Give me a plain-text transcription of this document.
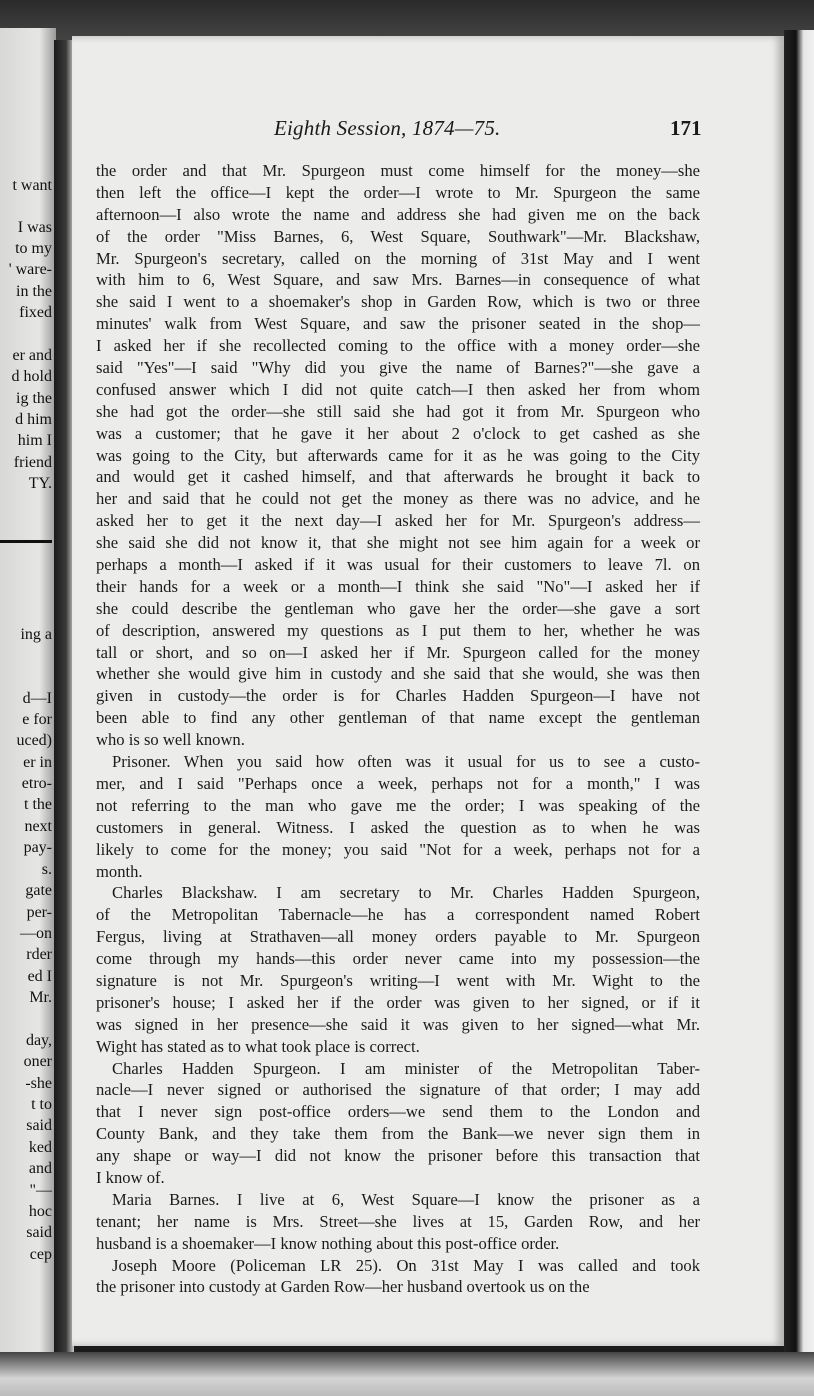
t want
I was
to my
' ware-
in the
fixed
er and
d hold
ig the
d him
him I
friend
TY.
ing a
d—I
e for
uced)
er in
etro-
t the
next
pay-
s.
gate
per-
—on
rder
ed I
Mr.
day,
oner
-she
t to
said
ked
and
"—
hoc
said
cep
Eighth Session, 1874—75.	171
the order and that Mr. Spurgeon must come himself for the money—she
then left the office—I kept the order—I wrote to Mr. Spurgeon the same
afternoon—I also wrote the name and address she had given me on the back
of the order "Miss Barnes, 6, West Square, Southwark"—Mr. Blackshaw,
Mr. Spurgeon's secretary, called on the morning of 31st May and I went
with him to 6, West Square, and saw Mrs. Barnes—in consequence of what
she said I went to a shoemaker's shop in Garden Row, which is two or three
minutes' walk from West Square, and saw the prisoner seated in the shop—
I asked her if she recollected coming to the office with a money order—she
said "Yes"—I said "Why did you give the name of Barnes?"—she gave a
confused answer which I did not quite catch—I then asked her from whom
she had got the order—she still said she had got it from Mr. Spurgeon who
was a customer; that he gave it her about 2 o'clock to get cashed as she
was going to the City, but afterwards came for it as he was going to the City
and would get it cashed himself, and that afterwards he brought it back to
her and said that he could not get the money as there was no advice, and he
asked her to get it the next day—I asked her for Mr. Spurgeon's address—
she said she did not know it, that she might not see him again for a week or
perhaps a month—I asked if it was usual for their customers to leave 7l. on
their hands for a week or a month—I think she said "No"—I asked her if
she could describe the gentleman who gave her the order—she gave a sort
of description, answered my questions as I put them to her, whether he was
tall or short, and so on—I asked her if Mr. Spurgeon called for the money
whether she would give him in custody and she said that she would, she was then
given in custody—the order is for Charles Hadden Spurgeon—I have not
been able to find any other gentleman of that name except the gentleman
who is so well known.
Prisoner. When you said how often was it usual for us to see a custo-
mer, and I said "Perhaps once a week, perhaps not for a month," I was
not referring to the man who gave me the order; I was speaking of the
customers in general. Witness. I asked the question as to when he was
likely to come for the money; you said "Not for a week, perhaps not for a
month.
Charles Blackshaw. I am secretary to Mr. Charles Hadden Spurgeon,
of the Metropolitan Tabernacle—he has a correspondent named Robert
Fergus, living at Strathaven—all money orders payable to Mr. Spurgeon
come through my hands—this order never came into my possession—the
signature is not Mr. Spurgeon's writing—I went with Mr. Wight to the
prisoner's house; I asked her if the order was given to her signed, or if it
was signed in her presence—she said it was given to her signed—what Mr.
Wight has stated as to what took place is correct.
Charles Hadden Spurgeon. I am minister of the Metropolitan Taber-
nacle—I never signed or authorised the signature of that order; I may add
that I never sign post-office orders—we send them to the London and
County Bank, and they take them from the Bank—we never sign them in
any shape or way—I did not know the prisoner before this transaction that
I know of.
Maria Barnes. I live at 6, West Square—I know the prisoner as a
tenant; her name is Mrs. Street—she lives at 15, Garden Row, and her
husband is a shoemaker—I know nothing about this post-office order.
Joseph Moore (Policeman LR 25). On 31st May I was called and took
the prisoner into custody at Garden Row—her husband overtook us on the
